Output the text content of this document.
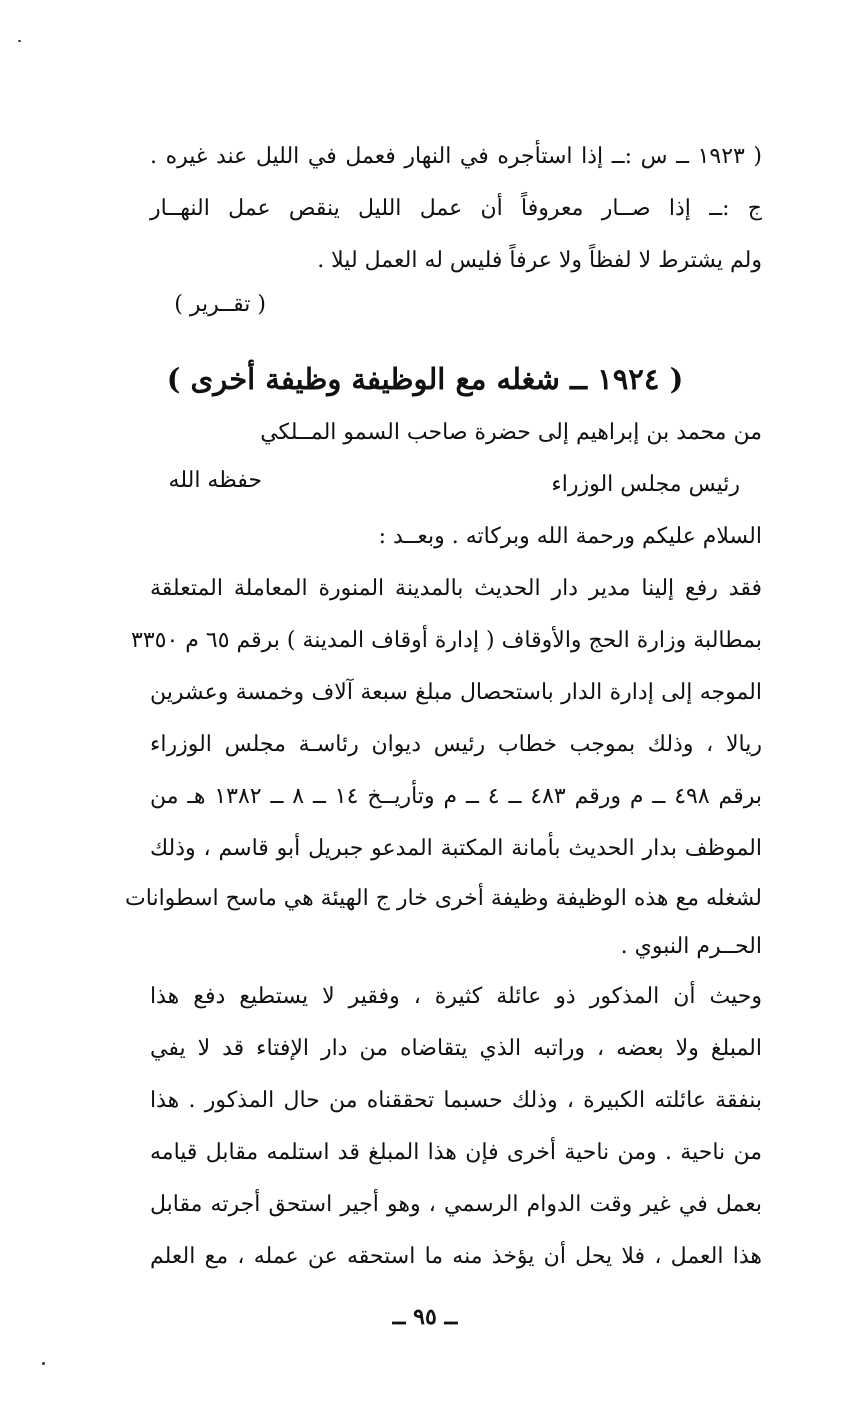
( ١٩٢٣ ــ س :ــ إذا استأجره في النهار فعمل في الليل عند غيره .
ج :ــ إذا صــار معروفاً أن عمل الليل ينقص عمل النهــار
ولم يشترط لا لفظاً ولا عرفاً فليس له العمل ليلا .
( تقــرير )
( ١٩٢٤ ــ شغله مع الوظيفة وظيفة أخرى )
من محمد بن إبراهيم إلى حضرة صاحب السمو المــلكي
رئيس مجلس الوزراء
حفظه الله
السلام عليكم ورحمة الله وبركاته . وبعــد :
فقد رفع إلينا مدير دار الحديث بالمدينة المنورة المعاملة المتعلقة
بمطالبة وزارة الحج والأوقاف ( إدارة أوقاف المدينة ) برقم ٦٥ م ٣٣٥٠
الموجه إلى إدارة الدار باستحصال مبلغ سبعة آلاف وخمسة وعشرين
ريالا ، وذلك بموجب خطاب رئيس ديوان رئاسـة مجلس الوزراء
برقم ٤٩٨ ــ م ورقم ٤٨٣ ــ ٤ ــ م وتأريــخ ١٤ ــ ٨ ــ ١٣٨٢ هـ من
الموظف بدار الحديث بأمانة المكتبة المدعو جبريل أبو قاسم ، وذلك
لشغله مع هذه الوظيفة وظيفة أخرى خار ج الهيئة هي ماسح اسطوانات
الحــرم النبوي .
وحيث أن المذكور ذو عائلة كثيرة ، وفقير لا يستطيع دفع هذا
المبلغ ولا بعضه ، وراتبه الذي يتقاضاه من دار الإفتاء قد لا يفي
بنفقة عائلته الكبيرة ، وذلك حسبما تحققناه من حال المذكور . هذا
من ناحية . ومن ناحية أخرى فإن هذا المبلغ قد استلمه مقابل قيامه
بعمل في غير وقت الدوام الرسمي ، وهو أجير استحق أجرته مقابل
هذا العمل ، فلا يحل أن يؤخذ منه ما استحقه عن عمله ، مع العلم
ــ ٩٥ ــ
